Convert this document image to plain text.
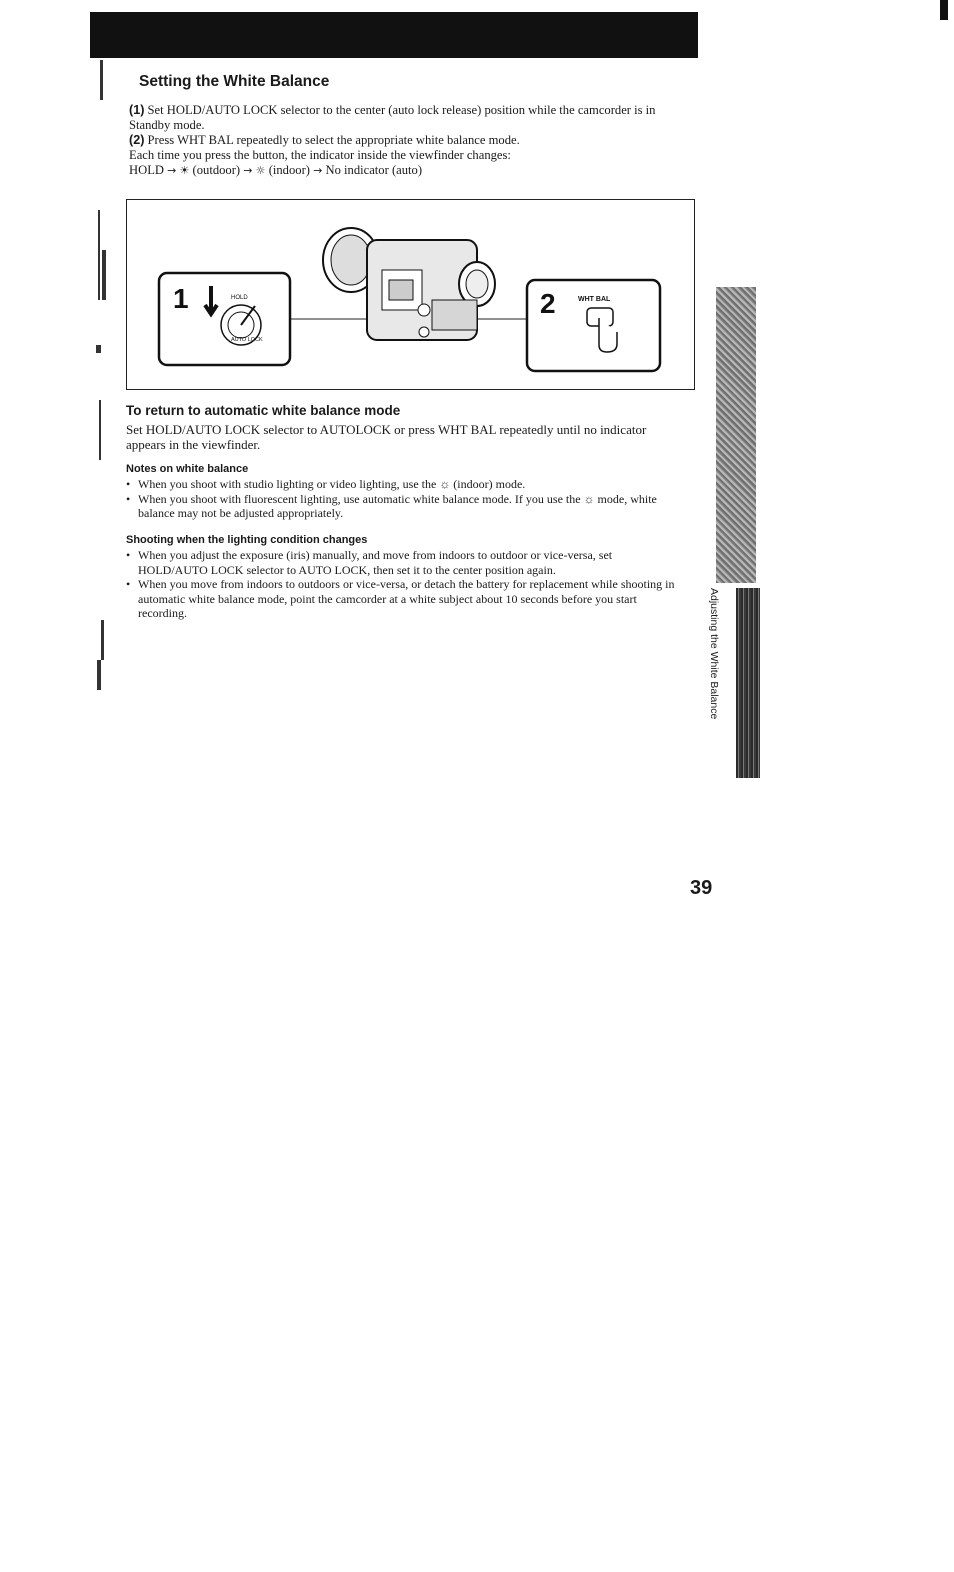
Setting the White Balance

(1) Set HOLD/AUTO LOCK selector to the center (auto lock release) position while the camcorder is in Standby mode.

(2) Press WHT BAL repeatedly to select the appropriate white balance mode.

Each time you press the button, the indicator inside the viewfinder changes:

HOLD → ☀ (outdoor) → ☼ (indoor) → No indicator (auto)

1	HOLD
AUTO LOCK
2	WHT BAL
To return to automatic white balance mode
Set HOLD/AUTO LOCK selector to AUTOLOCK or press WHT BAL repeatedly until no indicator appears in the viewfinder.
Notes on white balance
• When you shoot with studio lighting or video lighting, use the ☼ (indoor) mode.
• When you shoot with fluorescent lighting, use automatic white balance mode. If you use the ☼ mode, white balance may not be adjusted appropriately.
Shooting when the lighting condition changes
• When you adjust the exposure (iris) manually, and move from indoors to outdoor or vice-versa, set HOLD/AUTO LOCK selector to AUTO LOCK, then set it to the center position again.
• When you move from indoors to outdoors or vice-versa, or detach the battery for replacement while shooting in automatic white balance mode, point the camcorder at a white subject about 10 seconds before you start recording.	Adjusting the White Balance
39
